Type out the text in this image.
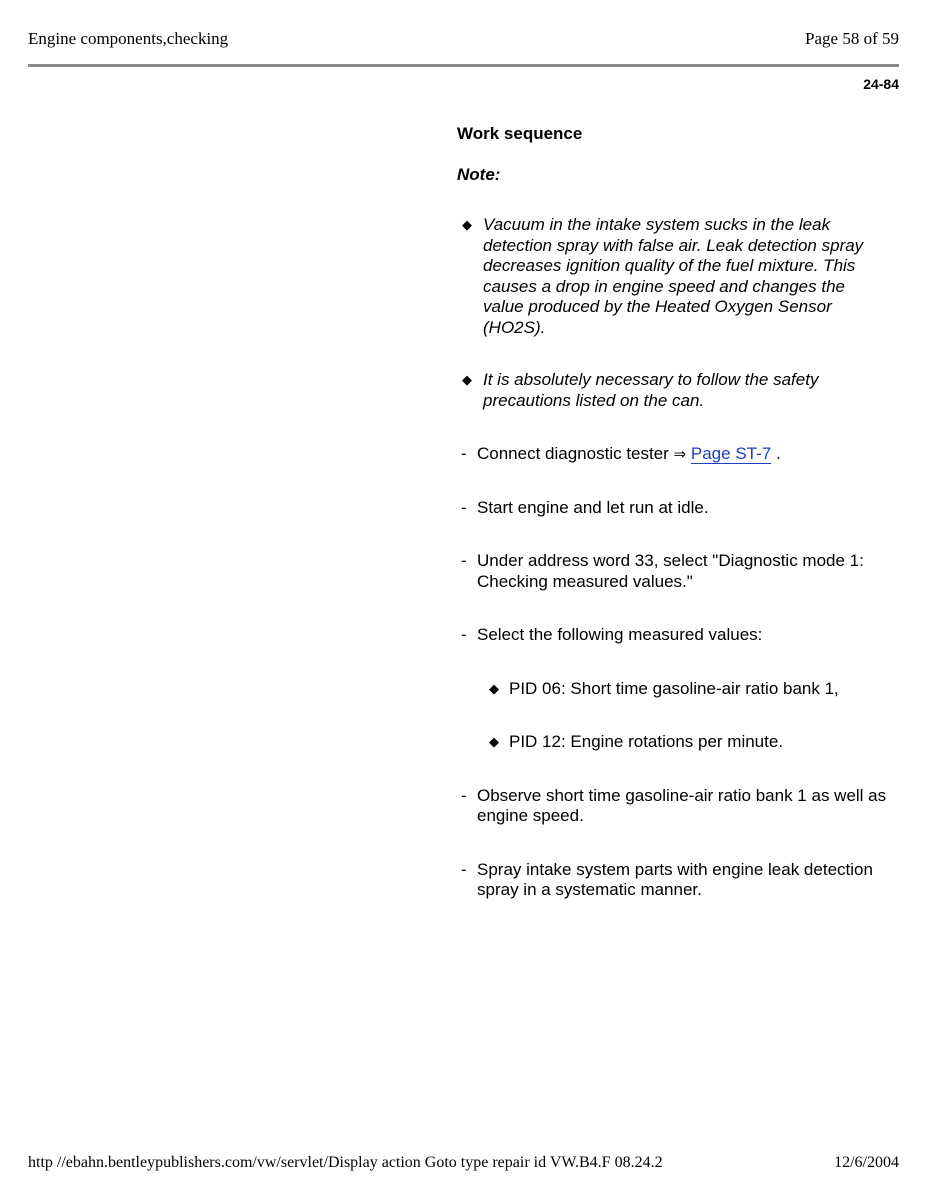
Engine components,checking	Page 58 of 59
24-84
Work sequence
Note:
◆ Vacuum in the intake system sucks in the leak detection spray with false air. Leak detection spray decreases ignition quality of the fuel mixture. This causes a drop in engine speed and changes the value produced by the Heated Oxygen Sensor (HO2S).
◆ It is absolutely necessary to follow the safety precautions listed on the can.
- Connect diagnostic tester ⇒ Page ST-7 .
- Start engine and let run at idle.
- Under address word 33, select "Diagnostic mode 1: Checking measured values."
- Select the following measured values:
◆ PID 06: Short time gasoline-air ratio bank 1,
◆ PID 12: Engine rotations per minute.
- Observe short time gasoline-air ratio bank 1 as well as engine speed.
- Spray intake system parts with engine leak detection spray in a systematic manner.
http //ebahn.bentleypublishers.com/vw/servlet/Display action Goto type repair id VW.B4.F 08.24.2	12/6/2004
